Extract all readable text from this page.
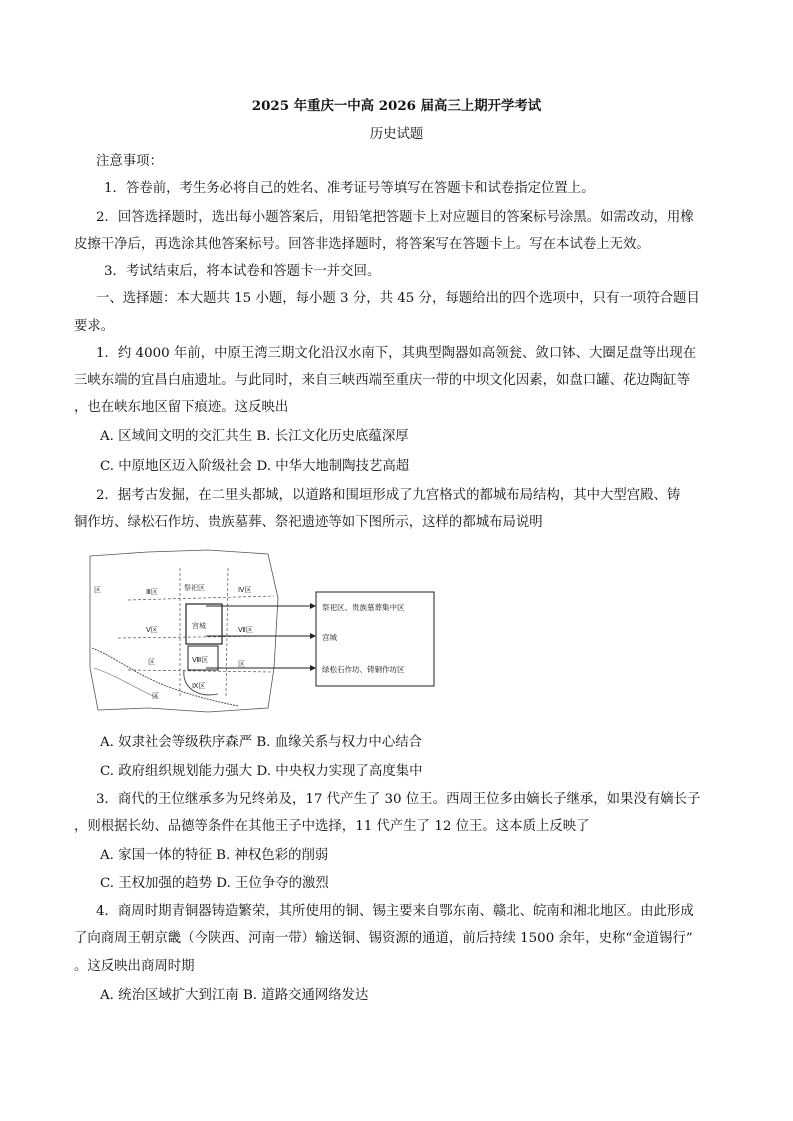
2025 年重庆一中高 2026 届高三上期开学考试
历史试题
注意事项：
1．答卷前，考生务必将自己的姓名、准考证号等填写在答题卡和试卷指定位置上。
2．回答选择题时，选出每小题答案后，用铅笔把答题卡上对应题目的答案标号涂黑。如需改动，用橡
皮擦干净后，再选涂其他答案标号。回答非选择题时，将答案写在答题卡上。写在本试卷上无效。
3．考试结束后，将本试卷和答题卡一并交回。
一、选择题：本大题共 15 小题，每小题 3 分，共 45 分，每题给出的四个选项中，只有一项符合题目
要求。
1．约 4000 年前，中原王湾三期文化沿汉水南下，其典型陶器如高领瓮、敛口钵、大圈足盘等出现在
三峡东端的宜昌白庙遗址。与此同时，来自三峡西端至重庆一带的中坝文化因素，如盘口罐、花边陶缸等
，也在峡东地区留下痕迹。这反映出
A. 区域间文明的交汇共生 B. 长江文化历史底蕴深厚
C. 中原地区迈入阶级社会 D. 中华大地制陶技艺高超
2．据考古发掘，在二里头都城，以道路和围垣形成了九宫格式的都城布局结构，其中大型宫殿、铸
铜作坊、绿松石作坊、贵族墓葬、祭祀遗迹等如下图所示，这样的都城布局说明
区	Ⅲ区	祭祀区	Ⅳ区
Ⅴ区	宫城	Ⅶ区
Ⅷ区
区	区
Ⅸ区
区
祭祀区、贵族墓葬集中区
宫城
绿松石作坊、铸铜作坊区
A. 奴隶社会等级秩序森严 B. 血缘关系与权力中心结合
C. 政府组织规划能力强大 D. 中央权力实现了高度集中
3．商代的王位继承多为兄终弟及，17 代产生了 30 位王。西周王位多由嫡长子继承，如果没有嫡长子
，则根据长幼、品德等条件在其他王子中选择，11 代产生了 12 位王。这本质上反映了
A. 家国一体的特征 B. 神权色彩的削弱
C. 王权加强的趋势 D. 王位争夺的激烈
4．商周时期青铜器铸造繁荣，其所使用的铜、锡主要来自鄂东南、赣北、皖南和湘北地区。由此形成
了向商周王朝京畿（今陕西、河南一带）输送铜、锡资源的通道，前后持续 1500 余年，史称“金道锡行”
。这反映出商周时期
A. 统治区域扩大到江南 B. 道路交通网络发达
